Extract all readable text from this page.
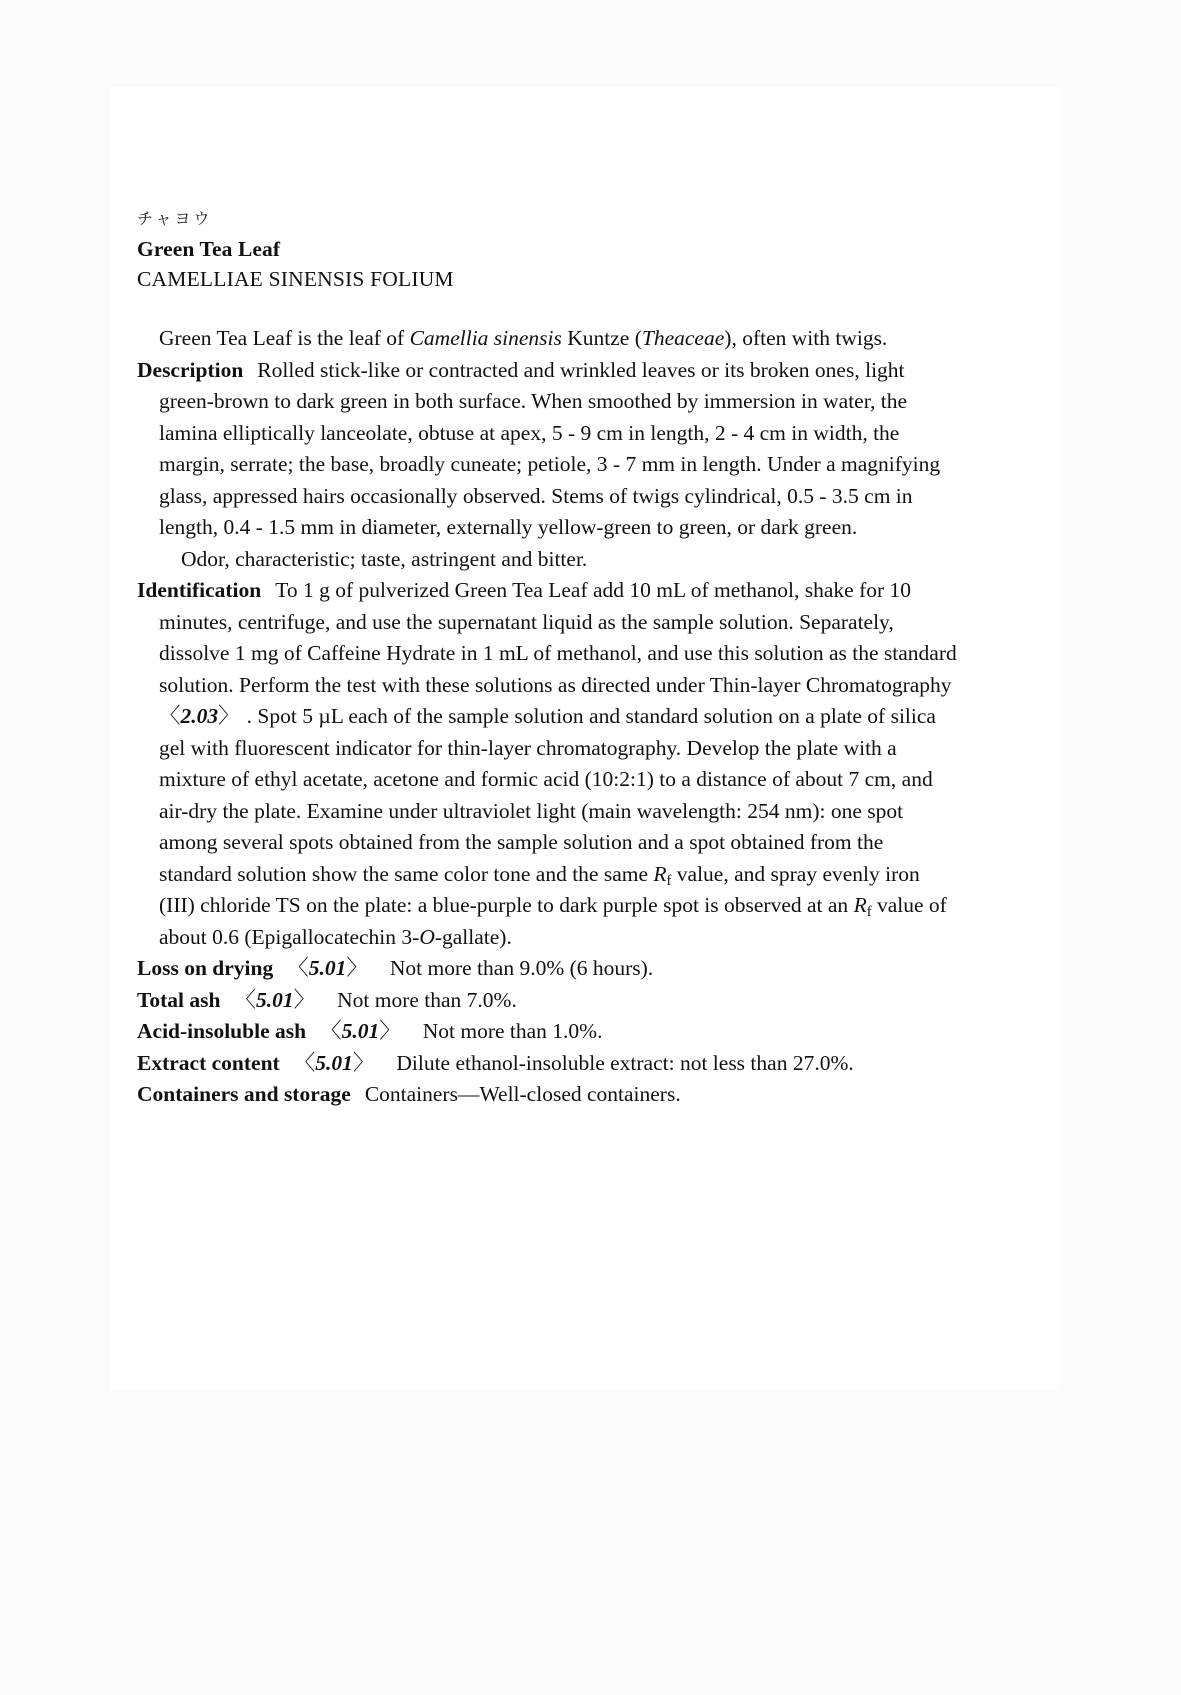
チャヨウ
Green Tea Leaf
CAMELLIAE SINENSIS FOLIUM

Green Tea Leaf is the leaf of Camellia sinensis Kuntze (Theaceae), often with twigs.

Description Rolled stick-like or contracted and wrinkled leaves or its broken ones, light green-brown to dark green in both surface. When smoothed by immersion in water, the lamina elliptically lanceolate, obtuse at apex, 5 - 9 cm in length, 2 - 4 cm in width, the margin, serrate; the base, broadly cuneate; petiole, 3 - 7 mm in length. Under a magnifying glass, appressed hairs occasionally observed. Stems of twigs cylindrical, 0.5 - 3.5 cm in length, 0.4 - 1.5 mm in diameter, externally yellow-green to green, or dark green.

Odor, characteristic; taste, astringent and bitter.

Identification To 1 g of pulverized Green Tea Leaf add 10 mL of methanol, shake for 10 minutes, centrifuge, and use the supernatant liquid as the sample solution. Separately, dissolve 1 mg of Caffeine Hydrate in 1 mL of methanol, and use this solution as the standard solution. Perform the test with these solutions as directed under Thin-layer Chromatography〈2.03〉 . Spot 5 µL each of the sample solution and standard solution on a plate of silica gel with fluorescent indicator for thin-layer chromatography. Develop the plate with a mixture of ethyl acetate, acetone and formic acid (10:2:1) to a distance of about 7 cm, and air-dry the plate. Examine under ultraviolet light (main wavelength: 254 nm): one spot among several spots obtained from the sample solution and a spot obtained from the standard solution show the same color tone and the same $R_f$ value, and spray evenly iron (III) chloride TS on the plate: a blue-purple to dark purple spot is observed at an $R_f$ value of about 0.6 (Epigallocatechin 3-O-gallate).

Loss on drying 〈5.01〉 Not more than 9.0% (6 hours).

Total ash 〈5.01〉 Not more than 7.0%.

Acid-insoluble ash 〈5.01〉 Not more than 1.0%.

Extract content 〈5.01〉 Dilute ethanol-insoluble extract: not less than 27.0%.

Containers and storage Containers—Well-closed containers.
